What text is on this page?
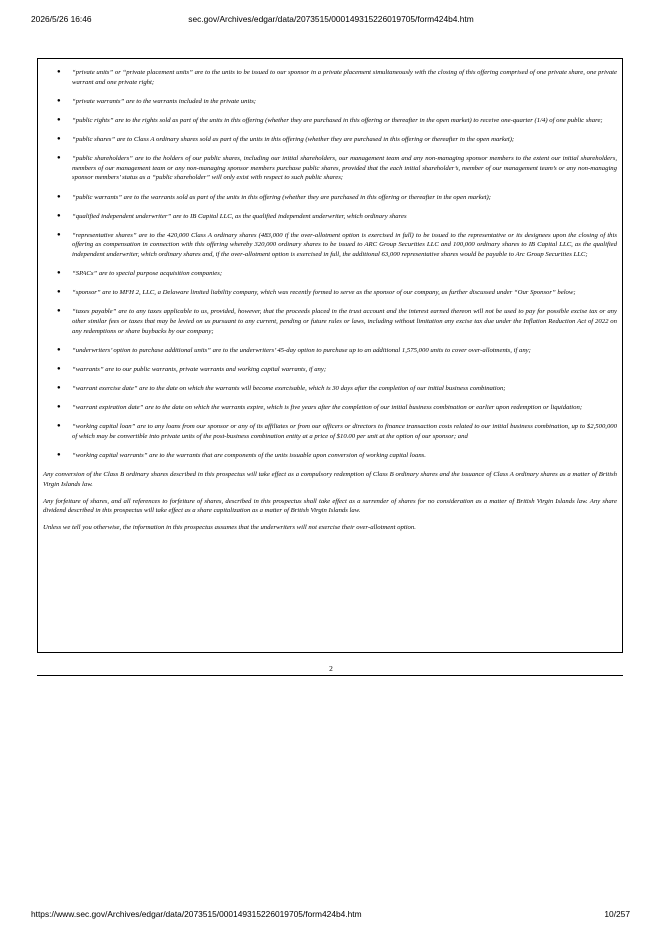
2026/5/26 16:46	sec.gov/Archives/edgar/data/2073515/000149315226019705/form424b4.htm
● “private units” or “private placement units” are to the units to be issued to our sponsor in a private placement simultaneously with the closing of this offering comprised of one private share, one private warrant and one private right;
● “private warrants” are to the warrants included in the private units;
● “public rights” are to the rights sold as part of the units in this offering (whether they are purchased in this offering or thereafter in the open market) to receive one-quarter (1/4) of one public share;
● “public shares” are to Class A ordinary shares sold as part of the units in this offering (whether they are purchased in this offering or thereafter in the open market);
● “public shareholders” are to the holders of our public shares, including our initial shareholders, our management team and any non-managing sponsor members to the extent our initial shareholders, members of our management team or any non-managing sponsor members purchase public shares, provided that the each initial shareholder’s, member of our management team’s or any non-managing sponsor members’ status as a “public shareholder” will only exist with respect to such public shares;
● “public warrants” are to the warrants sold as part of the units in this offering (whether they are purchased in this offering or thereafter in the open market);
● “qualified independent underwriter” are to IB Capital LLC, as the qualified independent underwriter, which ordinary shares
● “representative shares” are to the 420,000 Class A ordinary shares (483,000 if the over-allotment option is exercised in full) to be issued to the representative or its designees upon the closing of this offering as compensation in connection with this offering whereby 320,000 ordinary shares to be issued to ARC Group Securities LLC and 100,000 ordinary shares to IB Capital LLC, as the qualified independent underwriter, which ordinary shares and, if the over-allotment option is exercised in full, the additional 63,000 representative shares would be payable to Arc Group Securities LLC;
● “SPACs” are to special purpose acquisition companies;
● “sponsor” are to MFH 2, LLC, a Delaware limited liability company, which was recently formed to serve as the sponsor of our company, as further discussed under “Our Sponsor” below;
● “taxes payable” are to any taxes applicable to us, provided, however, that the proceeds placed in the trust account and the interest earned thereon will not be used to pay for possible excise tax or any other similar fees or taxes that may be levied on us pursuant to any current, pending or future rules or laws, including without limitation any excise tax due under the Inflation Reduction Act of 2022 on any redemptions or share buybacks by our company;
● “underwriters’ option to purchase additional units” are to the underwriters’ 45-day option to purchase up to an additional 1,575,000 units to cover over-allotments, if any;
● “warrants” are to our public warrants, private warrants and working capital warrants, if any;
● “warrant exercise date” are to the date on which the warrants will become exercisable, which is 30 days after the completion of our initial business combination;
● “warrant expiration date” are to the date on which the warrants expire, which is five years after the completion of our initial business combination or earlier upon redemption or liquidation;
● “working capital loan” are to any loans from our sponsor or any of its affiliates or from our officers or directors to finance transaction costs related to our initial business combination, up to $2,500,000 of which may be convertible into private units of the post-business combination entity at a price of $10.00 per unit at the option of our sponsor; and
● “working capital warrants” are to the warrants that are components of the units issuable upon conversion of working capital loans.

Any conversion of the Class B ordinary shares described in this prospectus will take effect as a compulsory redemption of Class B ordinary shares and the issuance of Class A ordinary shares as a matter of British Virgin Islands law.

Any forfeiture of shares, and all references to forfeiture of shares, described in this prospectus shall take effect as a surrender of shares for no consideration as a matter of British Virgin Islands law. Any share dividend described in this prospectus will take effect as a share capitalization as a matter of British Virgin Islands law.

Unless we tell you otherwise, the information in this prospectus assumes that the underwriters will not exercise their over-allotment option.

2
https://www.sec.gov/Archives/edgar/data/2073515/000149315226019705/form424b4.htm	10/257
